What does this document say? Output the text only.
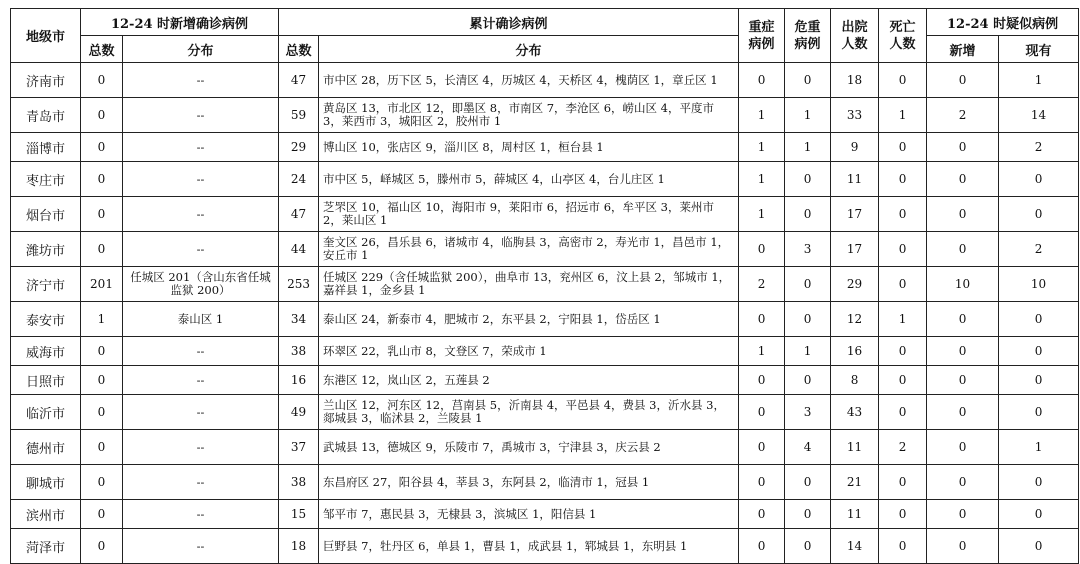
地级市	12-24 时新增确诊病例		累计确诊病例		重症病例	危重病例	出院人数	死亡人数	12-24 时疑似病例	
	总数	分布	总数	分布					新增	现有
济南市	0	--	47	市中区 28，历下区 5，长清区 4，历城区 4，天桥区 4，槐荫区 1，章丘区 1	0	0	18	0	0	1
青岛市	0	--	59	黄岛区 13，市北区 12，即墨区 8，市南区 7，李沧区 6，崂山区 4，平度市 3，莱西市 3，城阳区 2，胶州市 1	1	1	33	1	2	14
淄博市	0	--	29	博山区 10，张店区 9，淄川区 8，周村区 1，桓台县 1	1	1	9	0	0	2
枣庄市	0	--	24	市中区 5，峄城区 5，滕州市 5，薛城区 4，山亭区 4，台儿庄区 1	1	0	11	0	0	0
烟台市	0	--	47	芝罘区 10，福山区 10，海阳市 9，莱阳市 6，招远市 6，牟平区 3，莱州市 2，莱山区 1	1	0	17	0	0	0
潍坊市	0	--	44	奎文区 26，昌乐县 6，诸城市 4，临朐县 3，高密市 2，寿光市 1，昌邑市 1，安丘市 1	0	3	17	0	0	2
济宁市	201	任城区 201（含山东省任城监狱 200）	253	任城区 229（含任城监狱 200），曲阜市 13，兖州区 6，汶上县 2，邹城市 1，嘉祥县 1，金乡县 1	2	0	29	0	10	10
泰安市	1	泰山区 1	34	泰山区 24，新泰市 4，肥城市 2，东平县 2，宁阳县 1，岱岳区 1	0	0	12	1	0	0
威海市	0	--	38	环翠区 22，乳山市 8，文登区 7，荣成市 1	1	1	16	0	0	0
日照市	0	--	16	东港区 12，岚山区 2，五莲县 2	0	0	8	0	0	0
临沂市	0	--	49	兰山区 12，河东区 12，莒南县 5，沂南县 4，平邑县 4，费县 3，沂水县 3，郯城县 3，临沭县 2，兰陵县 1	0	3	43	0	0	0
德州市	0	--	37	武城县 13，德城区 9，乐陵市 7，禹城市 3，宁津县 3，庆云县 2	0	4	11	2	0	1
聊城市	0	--	38	东昌府区 27，阳谷县 4，莘县 3，东阿县 2，临清市 1，冠县 1	0	0	21	0	0	0
滨州市	0	--	15	邹平市 7，惠民县 3，无棣县 3，滨城区 1，阳信县 1	0	0	11	0	0	0
菏泽市	0	--	18	巨野县 7，牡丹区 6，单县 1，曹县 1，成武县 1，郓城县 1，东明县 1	0	0	14	0	0	0
